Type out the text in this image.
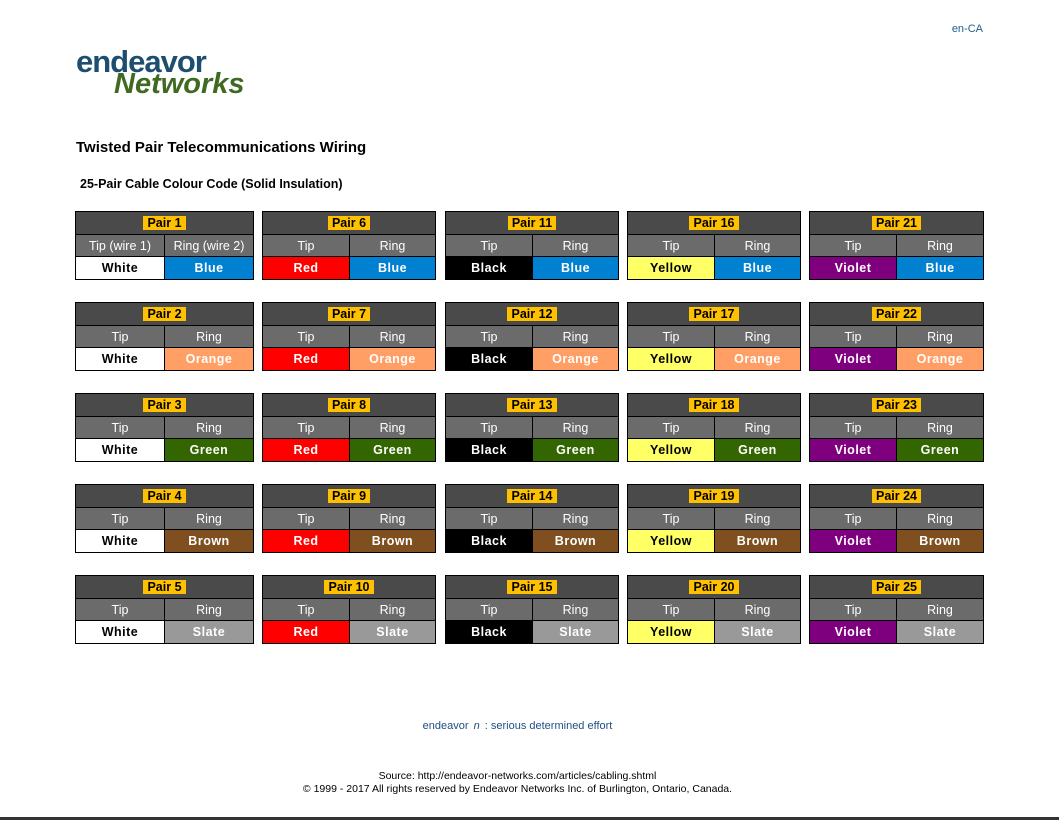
en-CA
endeavor
Networks
Twisted Pair Telecommunications Wiring
25-Pair Cable Colour Code (Solid Insulation)
Pair 1
Tip (wire 1)	Ring (wire 2)
White	Blue
Pair 2
Tip	Ring
White	Orange
Pair 3
Tip	Ring
White	Green
Pair 4
Tip	Ring
White	Brown
Pair 5
Tip	Ring
White	Slate
Pair 6
Tip	Ring
Red	Blue
Pair 7
Tip	Ring
Red	Orange
Pair 8
Tip	Ring
Red	Green
Pair 9
Tip	Ring
Red	Brown
Pair 10
Tip	Ring
Red	Slate
Pair 11
Tip	Ring
Black	Blue
Pair 12
Tip	Ring
Black	Orange
Pair 13
Tip	Ring
Black	Green
Pair 14
Tip	Ring
Black	Brown
Pair 15
Tip	Ring
Black	Slate
Pair 16
Tip	Ring
Yellow	Blue
Pair 17
Tip	Ring
Yellow	Orange
Pair 18
Tip	Ring
Yellow	Green
Pair 19
Tip	Ring
Yellow	Brown
Pair 20
Tip	Ring
Yellow	Slate
Pair 21
Tip	Ring
Violet	Blue
Pair 22
Tip	Ring
Violet	Orange
Pair 23
Tip	Ring
Violet	Green
Pair 24
Tip	Ring
Violet	Brown
Pair 25
Tip	Ring
Violet	Slate
endeavor n : serious determined effort
Source: http://endeavor-networks.com/articles/cabling.shtml
© 1999 - 2017 All rights reserved by Endeavor Networks Inc. of Burlington, Ontario, Canada.
